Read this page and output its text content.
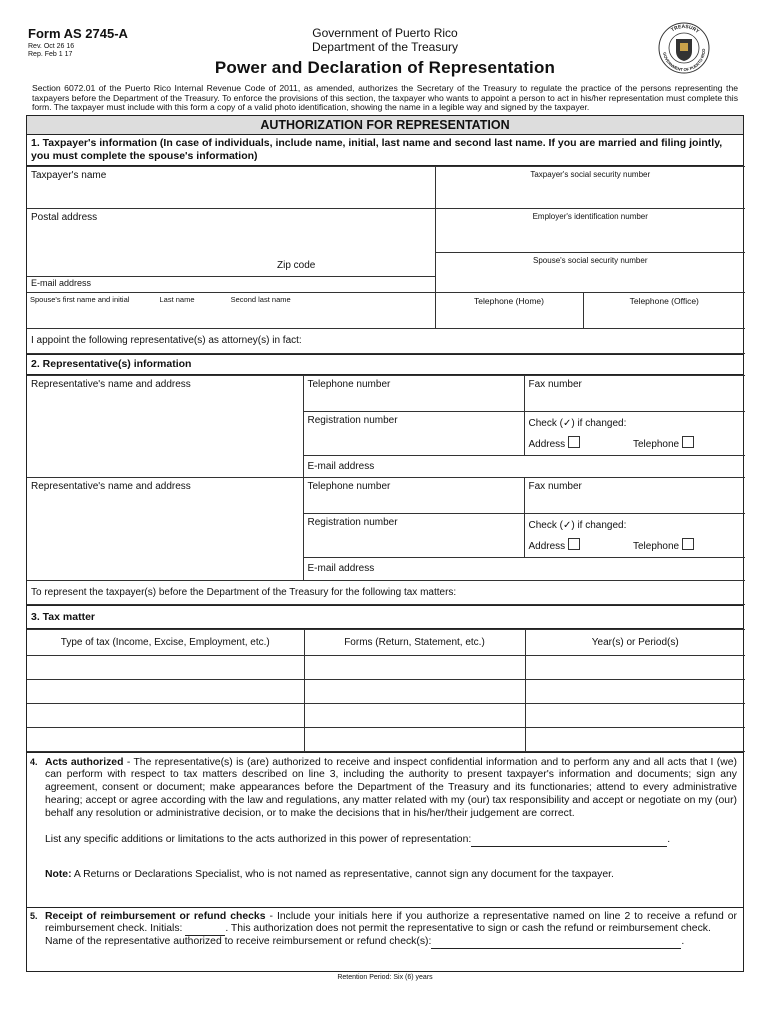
Form AS 2745-A
Rev. Oct 26 16
Rep. Feb 1 17
Government of Puerto Rico
Department of the Treasury
Power and Declaration of Representation
TREASURY
GOVERNMENT OF PUERTO RICO
Section 6072.01 of the Puerto Rico Internal Revenue Code of 2011, as amended, authorizes the Secretary of the Treasury to regulate the practice of the persons representing the taxpayers before the Department of the Treasury. To enforce the provisions of this section, the taxpayer who wants to appoint a person to act in his/her representation must complete this form. The taxpayer must include with this form a copy of a valid photo identification, showing the name in a legible way and signed by the taxpayer.
AUTHORIZATION FOR REPRESENTATION
1. Taxpayer's information (In case of individuals, include name, initial, last name and second last name. If you are married and filing jointly, you must complete the spouse's information)
Taxpayer's name	Taxpayer's social security number	
Postal address
Zip code	Employer's identification number	
	Spouse's social security number	
E-mail address		
Spouse's first name and initial Last name Second last name	Telephone (Home)	Telephone (Office)
I appoint the following representative(s) as attorney(s) in fact:		
2. Representative(s) information
Representative's name and address	Telephone number	Fax number
	Registration number	Check (✓) if changed:
Address Telephone

	E-mail address	
Representative's name and address	Telephone number	Fax number
	Registration number	Check (✓) if changed:
Address Telephone

	E-mail address	
To represent the taxpayer(s) before the Department of the Treasury for the following tax matters:		
3. Tax matter
Type of tax (Income, Excise, Employment, etc.)	Forms (Return, Statement, etc.)	Year(s) or Period(s)

4. Acts authorized - The representative(s) is (are) authorized to receive and inspect confidential information and to perform any and all acts that I (we) can perform with respect to tax matters described on line 3, including the authority to present taxpayer's information and documents; sign any agreement, consent or document; make appearances before the Department of the Treasury and its functionaries; attend to every administrative hearing; accept or agree according with the law and regulations, any matter related with my (our) tax responsibility and accept or negotiate on my (our) behalf any resolution or administrative decision, or to make the decisions that in his/her/their judgement are correct.
List any specific additions or limitations to the acts authorized in this power of representation:	.
Note: A Returns or Declarations Specialist, who is not named as representative, cannot sign any document for the taxpayer.
5. Receipt of reimbursement or refund checks - Include your initials here if you authorize a representative named on line 2 to receive a refund or reimbursement check. Initials:	. This authorization does not permit the representative to sign or cash the refund or reimbursement check.
Name of the representative authorized to receive reimbursement or refund check(s):	.
Retention Period: Six (6) years
